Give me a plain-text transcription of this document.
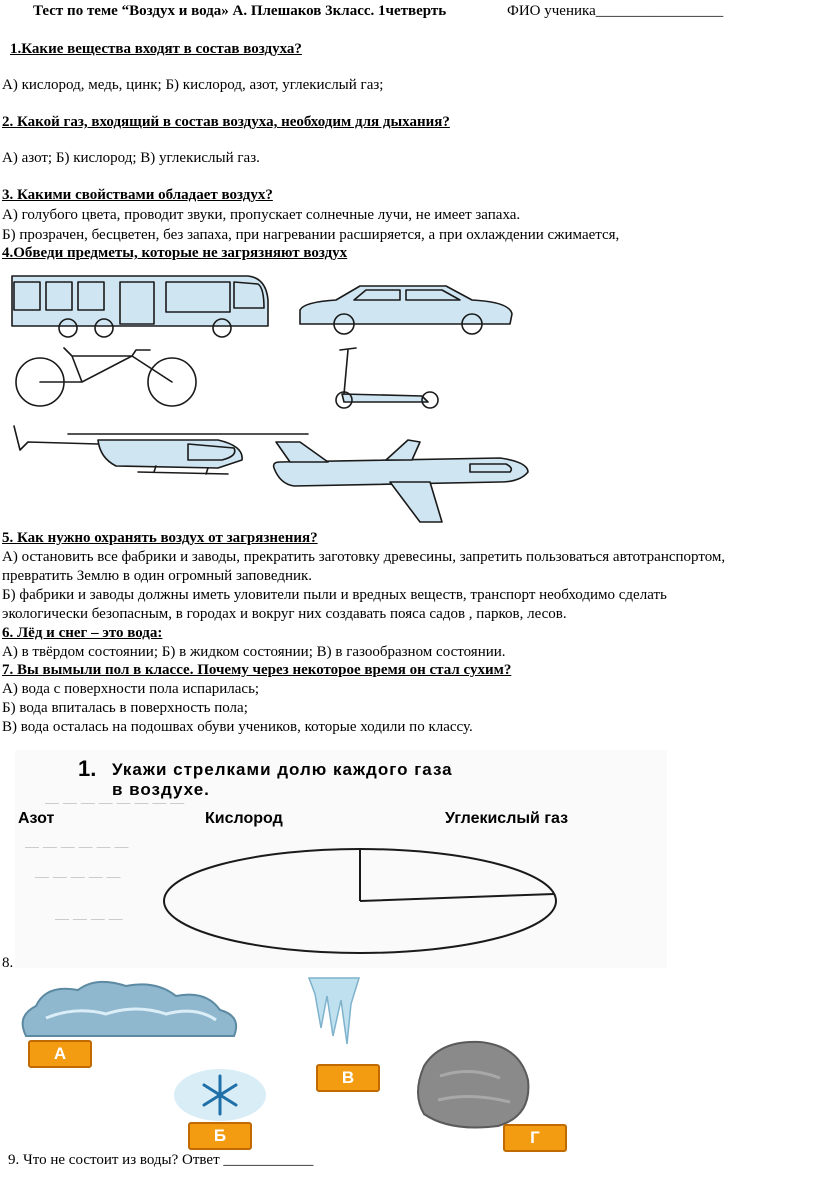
Тест по теме “Воздух и вода» А. Плешаков 3класс. 1четверть	ФИО ученика_________________
1.Какие вещества входят в состав воздуха?
А) кислород, медь, цинк; Б) кислород, азот, углекислый газ;
2. Какой газ, входящий в состав воздуха, необходим для дыхания?
А) азот; Б) кислород; В) углекислый газ.
3. Какими свойствами обладает воздух?
А) голубого цвета, проводит звуки, пропускает солнечные лучи, не имеет запаха.
Б) прозрачен, бесцветен, без запаха, при нагревании расширяется, а при охлаждении сжимается,
4.Обведи предметы, которые не загрязняют воздух
5. Как нужно охранять воздух от загрязнения?
А) остановить все фабрики и заводы, прекратить заготовку древесины, запретить пользоваться автотранспортом,
превратить Землю в один огромный заповедник.
Б) фабрики и заводы должны иметь уловители пыли и вредных веществ, транспорт необходимо сделать
экологически безопасным, в городах и вокруг них создавать пояса садов , парков, лесов.
6. Лёд и снег – это вода:
А) в твёрдом состоянии; Б) в жидком состоянии; В) в газообразном состоянии.
7. Вы вымыли пол в классе. Почему через некоторое время он стал сухим?
А) вода с поверхности пола испарилась;
Б) вода впиталась в поверхность пола;
В) вода осталась на подошвах обуви учеников, которые ходили по классу.
— — — — — — — —
— — — — — —
— — — — —
— — — —
1. Укажи стрелками долю каждого газа
в воздухе.
Азот	Кислород	Углекислый газ
8.
А
В
Б	Г
9. Что не состоит из воды? Ответ ____________
